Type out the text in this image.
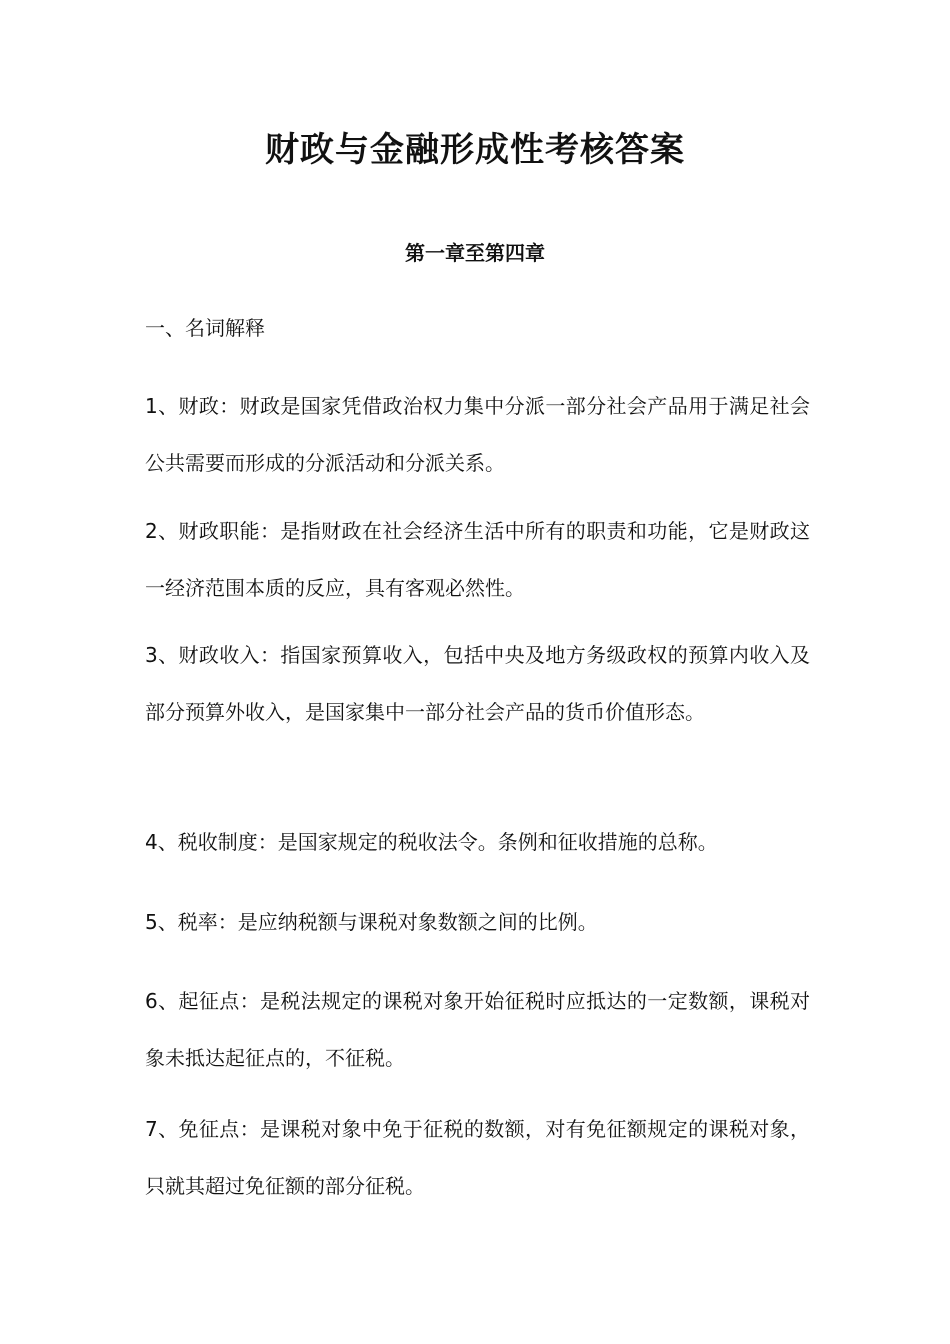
财政与金融形成性考核答案
第一章至第四章
一、名词解释

1、财政：财政是国家凭借政治权力集中分派一部分社会产品用于满足社会公共需要而形成的分派活动和分派关系。

2、财政职能：是指财政在社会经济生活中所有的职责和功能，它是财政这一经济范围本质的反应，具有客观必然性。

3、财政收入：指国家预算收入，包括中央及地方务级政权的预算内收入及部分预算外收入，是国家集中一部分社会产品的货币价值形态。

4、税收制度：是国家规定的税收法令。条例和征收措施的总称。

5、税率：是应纳税额与课税对象数额之间的比例。

6、起征点：是税法规定的课税对象开始征税时应抵达的一定数额，课税对象未抵达起征点的，不征税。

7、免征点：是课税对象中免于征税的数额，对有免征额规定的课税对象，只就其超过免征额的部分征税。
